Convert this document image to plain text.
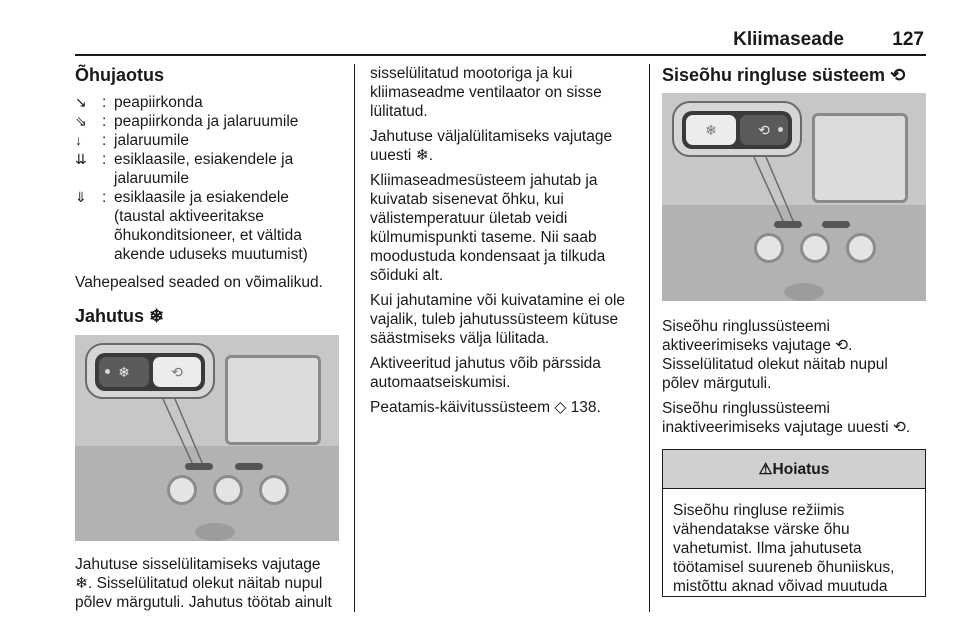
Kliimaseade	127
Õhujaotus
↘ : peapiirkonda
⇘ : peapiirkonda ja jalaruumile
↓	: jalaruumile
⇊ : esiklaasile, esiakendele ja jalaruumile
⇓ : esiklaasile ja esiakendele (taustal aktiveeritakse õhukonditsioneer, et vältida akende uduseks muutumist)

Vahepealsed seaded on võimalikud.

Jahutus ❄
❄	⟲

Jahutuse sisselülitamiseks vajutage ❄. Sisselülitatud olekut näitab nupul põlev märgutuli. Jahutus töötab ainult

sisselülitatud mootoriga ja kui kliimaseadme ventilaator on sisse lülitatud.

Jahutuse väljalülitamiseks vajutage uuesti ❄.

Kliimaseadmesüsteem jahutab ja kuivatab sisenevat õhku, kui välistemperatuur ületab veidi külmumispunkti taseme. Nii saab moodustuda kondensaat ja tilkuda sõiduki alt.

Kui jahutamine või kuivatamine ei ole vajalik, tuleb jahutussüsteem kütuse säästmiseks välja lülitada.

Aktiveeritud jahutus võib pärssida automaatseiskumisi.

Peatamis-käivitussüsteem ◇ 138.

Siseõhu ringluse süsteem ⟲
❄	⟲

Siseõhu ringlussüsteemi aktiveerimiseks vajutage ⟲. Sisselülitatud olekut näitab nupul põlev märgutuli.

Siseõhu ringlussüsteemi inaktiveerimiseks vajutage uuesti ⟲.

⚠Hoiatus
Siseõhu ringluse režiimis vähendatakse värske õhu vahetumist. Ilma jahutuseta töötamisel suureneb õhuniiskus, mistõttu aknad võivad muutuda
